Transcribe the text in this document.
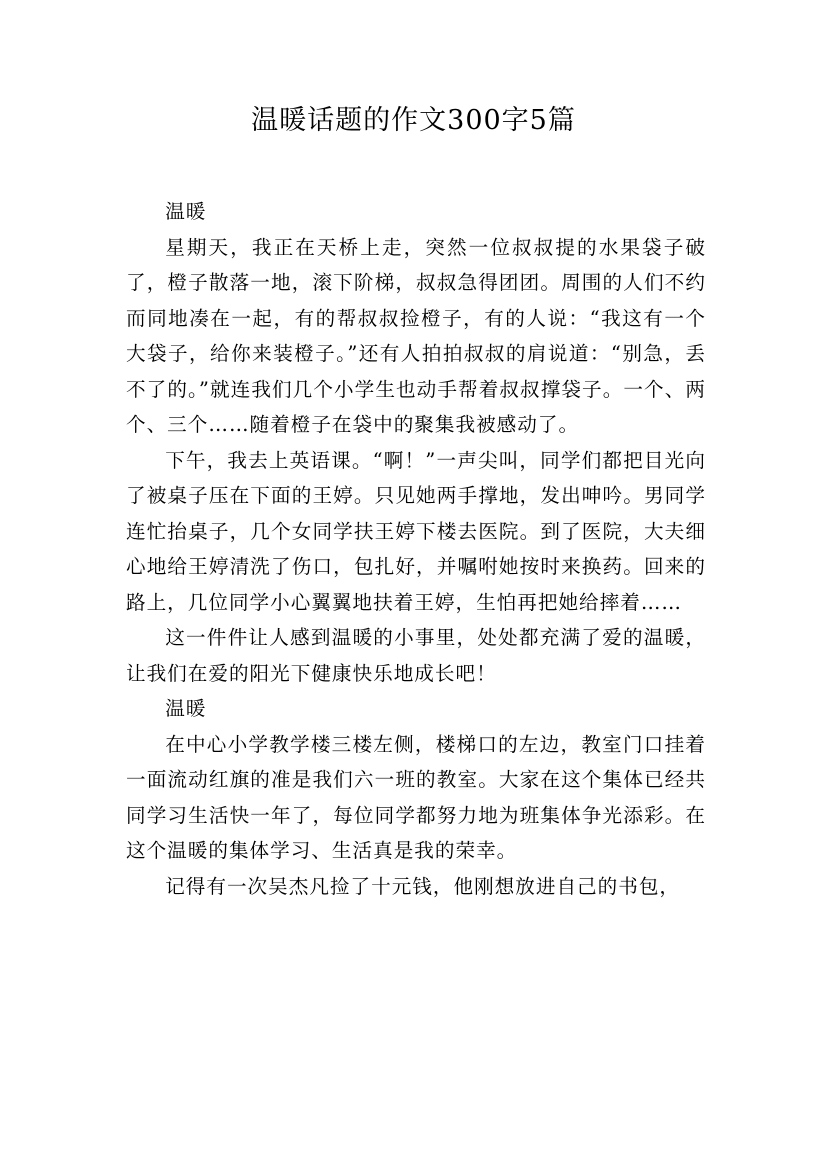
温暖话题的作文300字5篇

温暖

星期天，我正在天桥上走，突然一位叔叔提的水果袋子破了，橙子散落一地，滚下阶梯，叔叔急得团团。周围的人们不约而同地凑在一起，有的帮叔叔捡橙子，有的人说：“我这有一个大袋子，给你来装橙子。”还有人拍拍叔叔的肩说道：“别急，丢不了的。”就连我们几个小学生也动手帮着叔叔撑袋子。一个、两个、三个……随着橙子在袋中的聚集我被感动了。

下午，我去上英语课。“啊！”一声尖叫，同学们都把目光向了被桌子压在下面的王婷。只见她两手撑地，发出呻吟。男同学连忙抬桌子，几个女同学扶王婷下楼去医院。到了医院，大夫细心地给王婷清洗了伤口，包扎好，并嘱咐她按时来换药。回来的路上，几位同学小心翼翼地扶着王婷，生怕再把她给摔着……

这一件件让人感到温暖的小事里，处处都充满了爱的温暖，让我们在爱的阳光下健康快乐地成长吧！

温暖

在中心小学教学楼三楼左侧，楼梯口的左边，教室门口挂着一面流动红旗的准是我们六一班的教室。大家在这个集体已经共同学习生活快一年了，每位同学都努力地为班集体争光添彩。在这个温暖的集体学习、生活真是我的荣幸。

记得有一次吴杰凡捡了十元钱，他刚想放进自己的书包，
